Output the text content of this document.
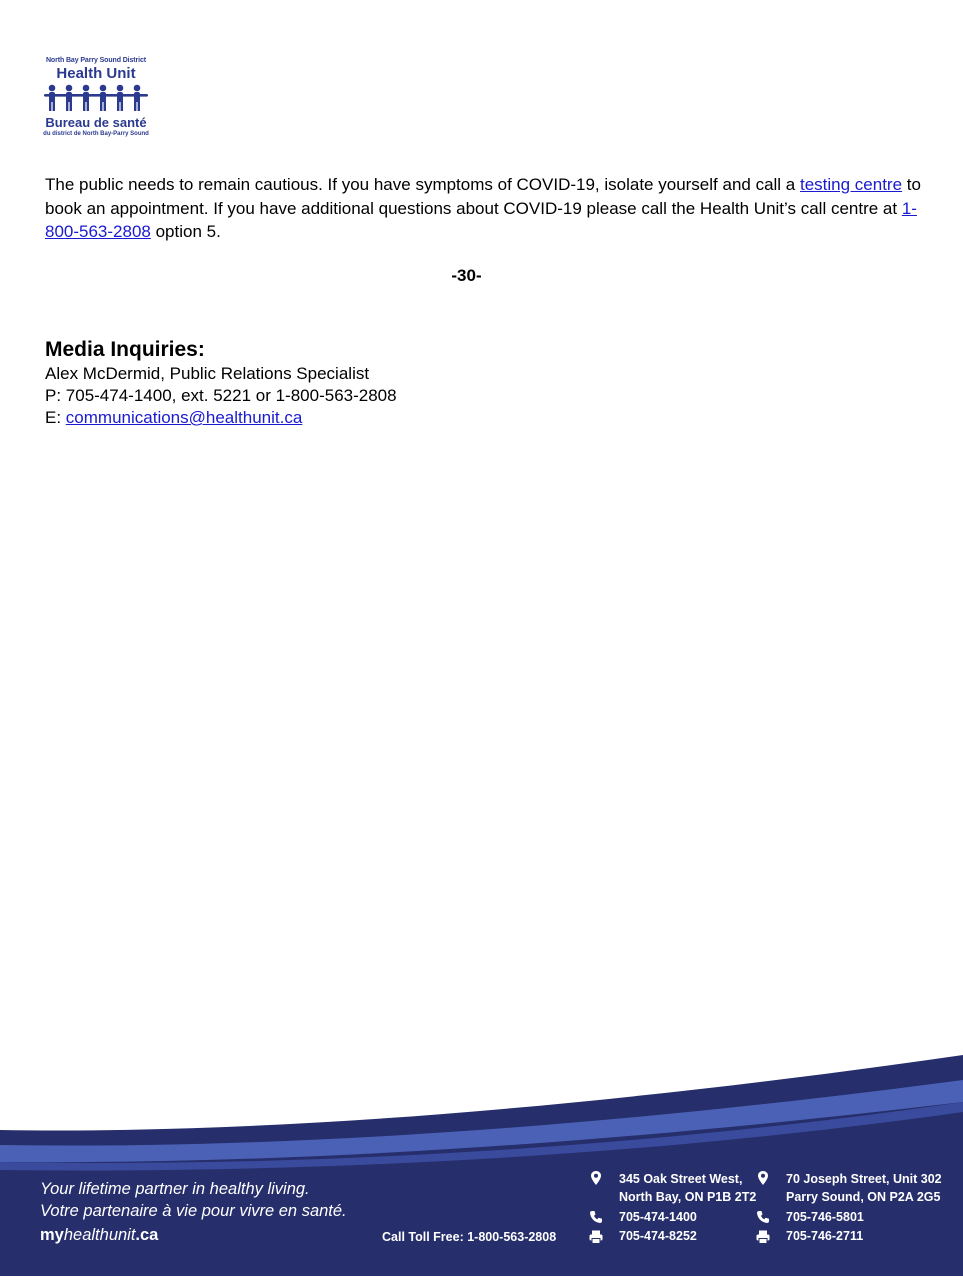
North Bay Parry Sound District
Health Unit
Bureau de santé
du district de North Bay-Parry Sound
The public needs to remain cautious. If you have symptoms of COVID-19, isolate yourself and call a testing centre to book an appointment. If you have additional questions about COVID-19 please call the Health Unit’s call centre at 1-800-563-2808 option 5.
-30-
Media Inquiries:
Alex McDermid, Public Relations Specialist
P: 705-474-1400, ext. 5221 or 1-800-563-2808
E: communications@healthunit.ca
Your lifetime partner in healthy living.
Votre partenaire à vie pour vivre en santé.
myhealthunit.ca	Call Toll Free: 1-800-563-2808
345 Oak Street West,
North Bay, ON P1B 2T2
705-474-1400
705-474-8252
70 Joseph Street, Unit 302
Parry Sound, ON P2A 2G5
705-746-5801
705-746-2711
